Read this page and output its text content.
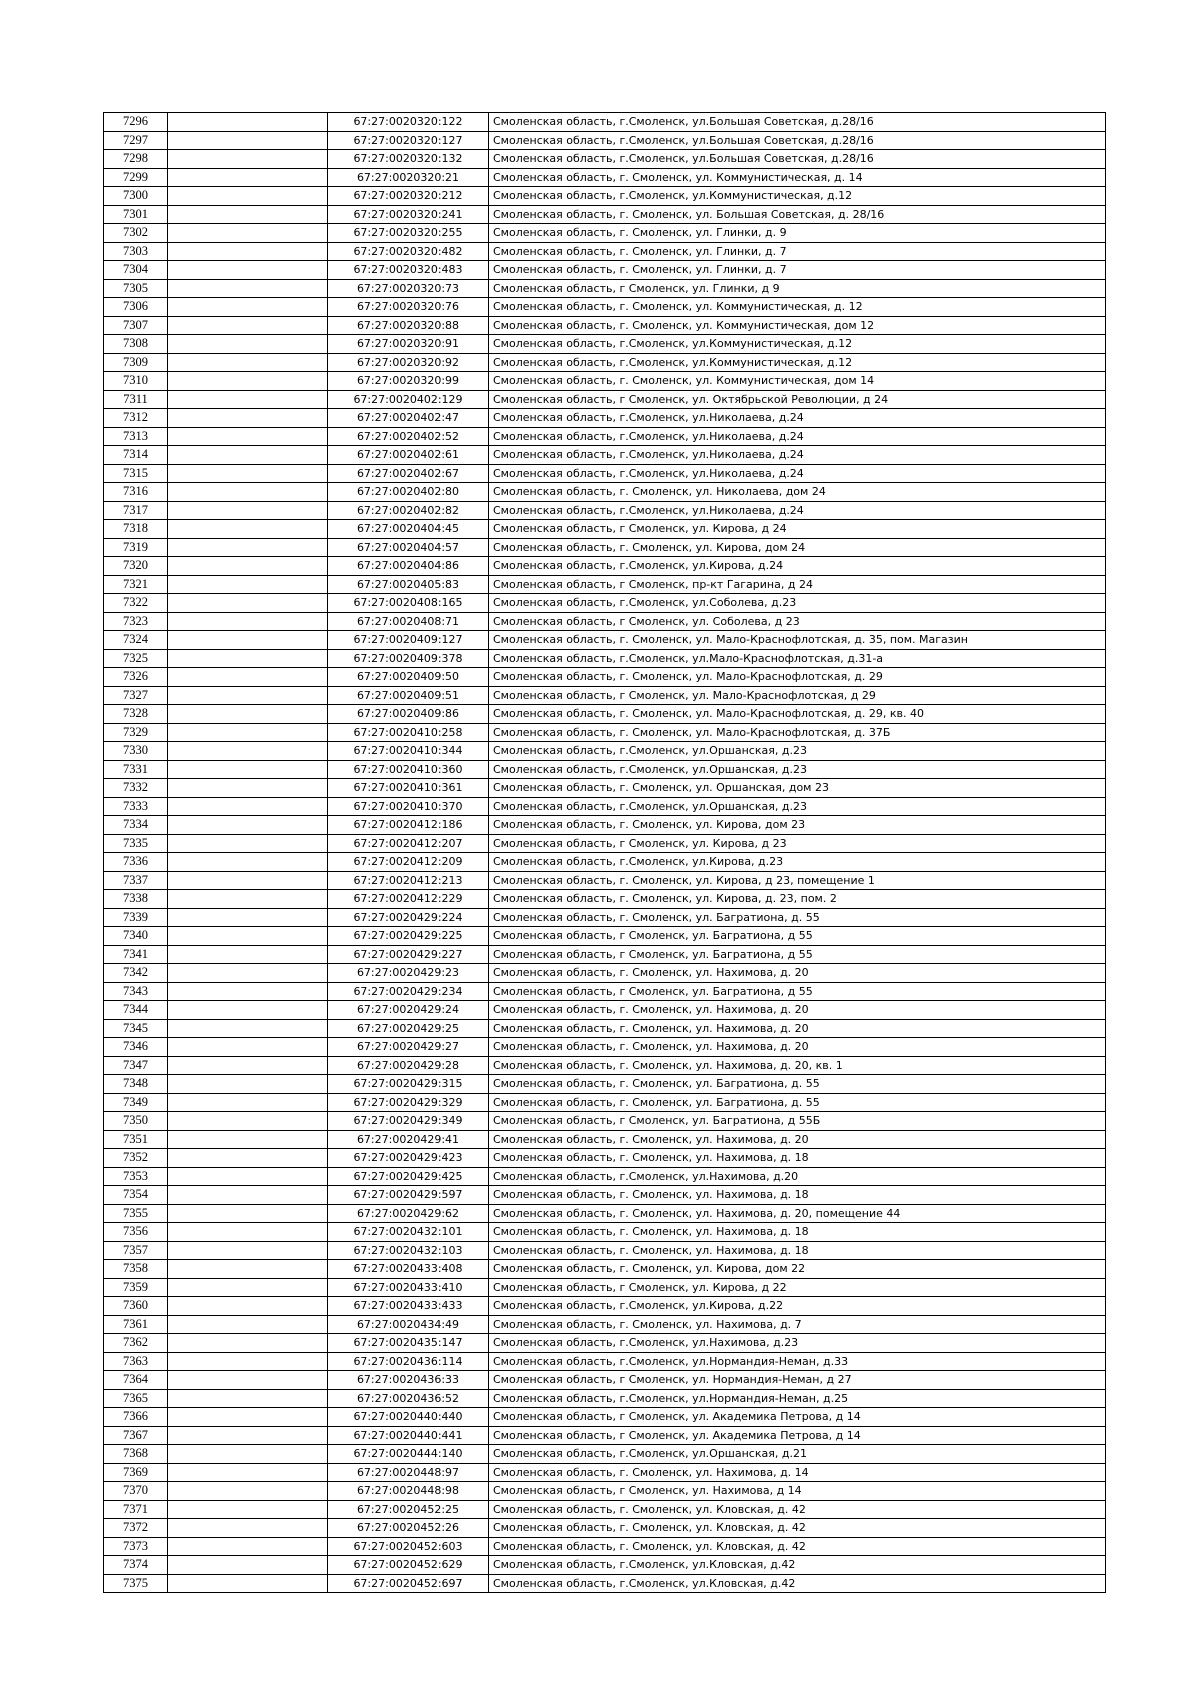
7296		67:27:0020320:122	Смоленская область, г.Смоленск, ул.Большая Советская, д.28/16
7297		67:27:0020320:127	Смоленская область, г.Смоленск, ул.Большая Советская, д.28/16
7298		67:27:0020320:132	Смоленская область, г.Смоленск, ул.Большая Советская, д.28/16
7299		67:27:0020320:21	Смоленская область, г. Смоленск, ул. Коммунистическая, д. 14
7300		67:27:0020320:212	Смоленская область, г.Смоленск, ул.Коммунистическая, д.12
7301		67:27:0020320:241	Смоленская область, г. Смоленск, ул. Большая Советская, д. 28/16
7302		67:27:0020320:255	Смоленская область, г. Смоленск, ул. Глинки, д. 9
7303		67:27:0020320:482	Смоленская область, г. Смоленск, ул. Глинки, д. 7
7304		67:27:0020320:483	Смоленская область, г. Смоленск, ул. Глинки, д. 7
7305		67:27:0020320:73	Смоленская область, г Смоленск, ул. Глинки, д 9
7306		67:27:0020320:76	Смоленская область, г. Смоленск, ул. Коммунистическая, д. 12
7307		67:27:0020320:88	Смоленская область, г. Смоленск, ул. Коммунистическая, дом 12
7308		67:27:0020320:91	Смоленская область, г.Смоленск, ул.Коммунистическая, д.12
7309		67:27:0020320:92	Смоленская область, г.Смоленск, ул.Коммунистическая, д.12
7310		67:27:0020320:99	Смоленская область, г. Смоленск, ул. Коммунистическая, дом 14
7311		67:27:0020402:129	Смоленская область, г Смоленск, ул. Октябрьской Революции, д 24
7312		67:27:0020402:47	Смоленская область, г.Смоленск, ул.Николаева, д.24
7313		67:27:0020402:52	Смоленская область, г.Смоленск, ул.Николаева, д.24
7314		67:27:0020402:61	Смоленская область, г.Смоленск, ул.Николаева, д.24
7315		67:27:0020402:67	Смоленская область, г.Смоленск, ул.Николаева, д.24
7316		67:27:0020402:80	Смоленская область, г. Смоленск, ул. Николаева, дом 24
7317		67:27:0020402:82	Смоленская область, г.Смоленск, ул.Николаева, д.24
7318		67:27:0020404:45	Смоленская область, г Смоленск, ул. Кирова, д 24
7319		67:27:0020404:57	Смоленская область, г. Смоленск, ул. Кирова, дом 24
7320		67:27:0020404:86	Смоленская область, г.Смоленск, ул.Кирова, д.24
7321		67:27:0020405:83	Смоленская область, г Смоленск, пр-кт Гагарина, д 24
7322		67:27:0020408:165	Смоленская область, г.Смоленск, ул.Соболева, д.23
7323		67:27:0020408:71	Смоленская область, г Смоленск, ул. Соболева, д 23
7324		67:27:0020409:127	Смоленская область, г. Смоленск, ул. Мало-Краснофлотская, д. 35, пом. Магазин
7325		67:27:0020409:378	Смоленская область, г.Смоленск, ул.Мало-Краснофлотская, д.31-а
7326		67:27:0020409:50	Смоленская область, г. Смоленск, ул. Мало-Краснофлотская, д. 29
7327		67:27:0020409:51	Смоленская область, г Смоленск, ул. Мало-Краснофлотская, д 29
7328		67:27:0020409:86	Смоленская область, г. Смоленск, ул. Мало-Краснофлотская, д. 29, кв. 40
7329		67:27:0020410:258	Смоленская область, г. Смоленск, ул. Мало-Краснофлотская, д. 37Б
7330		67:27:0020410:344	Смоленская область, г.Смоленск, ул.Оршанская, д.23
7331		67:27:0020410:360	Смоленская область, г.Смоленск, ул.Оршанская, д.23
7332		67:27:0020410:361	Смоленская область, г. Смоленск, ул. Оршанская, дом 23
7333		67:27:0020410:370	Смоленская область, г.Смоленск, ул.Оршанская, д.23
7334		67:27:0020412:186	Смоленская область, г. Смоленск, ул. Кирова, дом 23
7335		67:27:0020412:207	Смоленская область, г Смоленск, ул. Кирова, д 23
7336		67:27:0020412:209	Смоленская область, г.Смоленск, ул.Кирова, д.23
7337		67:27:0020412:213	Смоленская область, г. Смоленск, ул. Кирова, д 23, помещение 1
7338		67:27:0020412:229	Смоленская область, г. Смоленск, ул. Кирова, д. 23, пом. 2
7339		67:27:0020429:224	Смоленская область, г. Смоленск, ул. Багратиона, д. 55
7340		67:27:0020429:225	Смоленская область, г Смоленск, ул. Багратиона, д 55
7341		67:27:0020429:227	Смоленская область, г Смоленск, ул. Багратиона, д 55
7342		67:27:0020429:23	Смоленская область, г. Смоленск, ул. Нахимова, д. 20
7343		67:27:0020429:234	Смоленская область, г Смоленск, ул. Багратиона, д 55
7344		67:27:0020429:24	Смоленская область, г. Смоленск, ул. Нахимова, д. 20
7345		67:27:0020429:25	Смоленская область, г. Смоленск, ул. Нахимова, д. 20
7346		67:27:0020429:27	Смоленская область, г. Смоленск, ул. Нахимова, д. 20
7347		67:27:0020429:28	Смоленская область, г. Смоленск, ул. Нахимова, д. 20, кв. 1
7348		67:27:0020429:315	Смоленская область, г. Смоленск, ул. Багратиона, д. 55
7349		67:27:0020429:329	Смоленская область, г. Смоленск, ул. Багратиона, д. 55
7350		67:27:0020429:349	Смоленская область, г Смоленск, ул. Багратиона, д 55Б
7351		67:27:0020429:41	Смоленская область, г. Смоленск, ул. Нахимова, д. 20
7352		67:27:0020429:423	Смоленская область, г. Смоленск, ул. Нахимова, д. 18
7353		67:27:0020429:425	Смоленская область, г.Смоленск, ул.Нахимова, д.20
7354		67:27:0020429:597	Смоленская область, г. Смоленск, ул. Нахимова, д. 18
7355		67:27:0020429:62	Смоленская область, г. Смоленск, ул. Нахимова, д. 20, помещение 44
7356		67:27:0020432:101	Смоленская область, г. Смоленск, ул. Нахимова, д. 18
7357		67:27:0020432:103	Смоленская область, г. Смоленск, ул. Нахимова, д. 18
7358		67:27:0020433:408	Смоленская область, г. Смоленск, ул. Кирова, дом 22
7359		67:27:0020433:410	Смоленская область, г Смоленск, ул. Кирова, д 22
7360		67:27:0020433:433	Смоленская область, г.Смоленск, ул.Кирова, д.22
7361		67:27:0020434:49	Смоленская область, г. Смоленск, ул. Нахимова, д. 7
7362		67:27:0020435:147	Смоленская область, г.Смоленск, ул.Нахимова, д.23
7363		67:27:0020436:114	Смоленская область, г.Смоленск, ул.Нормандия-Неман, д.33
7364		67:27:0020436:33	Смоленская область, г Смоленск, ул. Нормандия-Неман, д 27
7365		67:27:0020436:52	Смоленская область, г.Смоленск, ул.Нормандия-Неман, д.25
7366		67:27:0020440:440	Смоленская область, г Смоленск, ул. Академика Петрова, д 14
7367		67:27:0020440:441	Смоленская область, г Смоленск, ул. Академика Петрова, д 14
7368		67:27:0020444:140	Смоленская область, г.Смоленск, ул.Оршанская, д.21
7369		67:27:0020448:97	Смоленская область, г. Смоленск, ул. Нахимова, д. 14
7370		67:27:0020448:98	Смоленская область, г Смоленск, ул. Нахимова, д 14
7371		67:27:0020452:25	Смоленская область, г. Смоленск, ул. Кловская, д. 42
7372		67:27:0020452:26	Смоленская область, г. Смоленск, ул. Кловская, д. 42
7373		67:27:0020452:603	Смоленская область, г. Смоленск, ул. Кловская, д. 42
7374		67:27:0020452:629	Смоленская область, г.Смоленск, ул.Кловская, д.42
7375		67:27:0020452:697	Смоленская область, г.Смоленск, ул.Кловская, д.42
